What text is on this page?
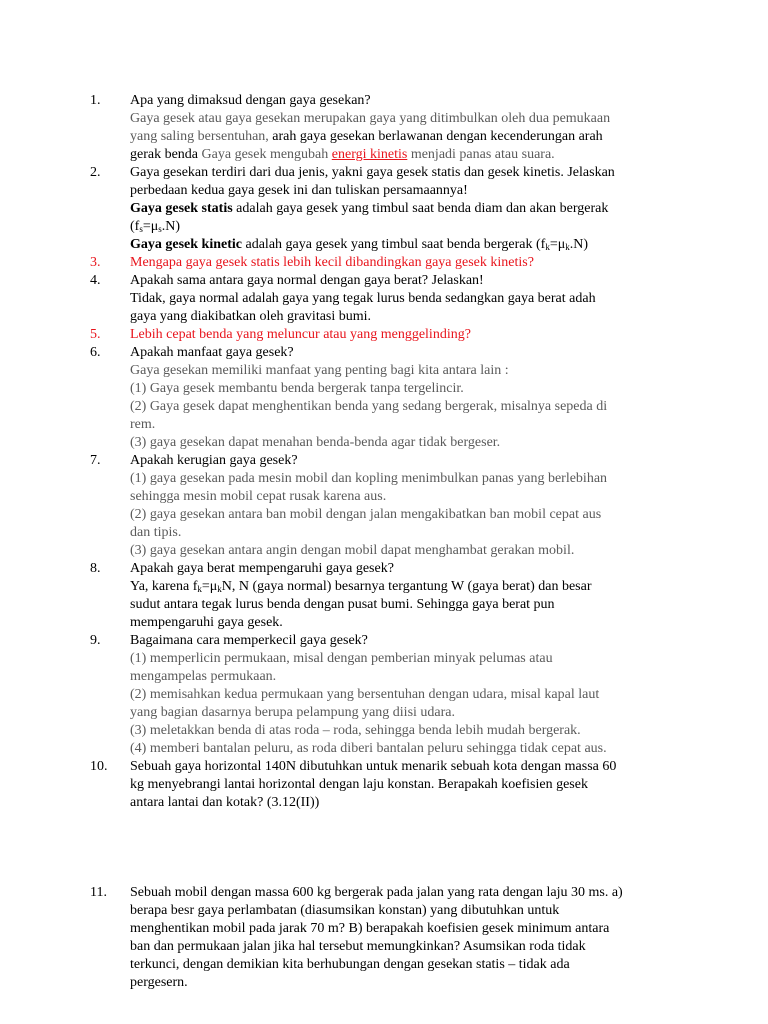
1.	Apa yang dimaksud dengan gaya gesekan?
Gaya gesek atau gaya gesekan merupakan gaya yang ditimbulkan oleh dua pemukaan
yang saling bersentuhan, arah gaya gesekan berlawanan dengan kecenderungan arah
gerak benda Gaya gesek mengubah energi kinetis menjadi panas atau suara.
2.	Gaya gesekan terdiri dari dua jenis, yakni gaya gesek statis dan gesek kinetis. Jelaskan
perbedaan kedua gaya gesek ini dan tuliskan persamaannya!
Gaya gesek statis adalah gaya gesek yang timbul saat benda diam dan akan bergerak
$(f_s=\mu_s.N)$
Gaya gesek kinetic adalah gaya gesek yang timbul saat benda bergerak $(f_k=\mu_k.N)$
3.	Mengapa gaya gesek statis lebih kecil dibandingkan gaya gesek kinetis?
4.	Apakah sama antara gaya normal dengan gaya berat? Jelaskan!
Tidak, gaya normal adalah gaya yang tegak lurus benda sedangkan gaya berat adah
gaya yang diakibatkan oleh gravitasi bumi.
5.	Lebih cepat benda yang meluncur atau yang menggelinding?
6.	Apakah manfaat gaya gesek?
Gaya gesekan memiliki manfaat yang penting bagi kita antara lain :
(1) Gaya gesek membantu benda bergerak tanpa tergelincir.
(2) Gaya gesek dapat menghentikan benda yang sedang bergerak, misalnya sepeda di
rem.
(3) gaya gesekan dapat menahan benda-benda agar tidak bergeser.
7.	Apakah kerugian gaya gesek?
(1) gaya gesekan pada mesin mobil dan kopling menimbulkan panas yang berlebihan
sehingga mesin mobil cepat rusak karena aus.
(2) gaya gesekan antara ban mobil dengan jalan mengakibatkan ban mobil cepat aus
dan tipis.
(3) gaya gesekan antara angin dengan mobil dapat menghambat gerakan mobil.
8.	Apakah gaya berat mempengaruhi gaya gesek?
Ya, karena $f_k=\mu_kN$, N (gaya normal) besarnya tergantung W (gaya berat) dan besar
sudut antara tegak lurus benda dengan pusat bumi. Sehingga gaya berat pun
mempengaruhi gaya gesek.
9.	Bagaimana cara memperkecil gaya gesek?
(1) memperlicin permukaan, misal dengan pemberian minyak pelumas atau
mengampelas permukaan.
(2) memisahkan kedua permukaan yang bersentuhan dengan udara, misal kapal laut
yang bagian dasarnya berupa pelampung yang diisi udara.
(3) meletakkan benda di atas roda – roda, sehingga benda lebih mudah bergerak.
(4) memberi bantalan peluru, as roda diberi bantalan peluru sehingga tidak cepat aus.
10.	Sebuah gaya horizontal 140N dibutuhkan untuk menarik sebuah kota dengan massa 60
kg menyebrangi lantai horizontal dengan laju konstan. Berapakah koefisien gesek
antara lantai dan kotak? (3.12(II))
11.	Sebuah mobil dengan massa 600 kg bergerak pada jalan yang rata dengan laju 30 ms. a)
berapa besr gaya perlambatan (diasumsikan konstan) yang dibutuhkan untuk
menghentikan mobil pada jarak 70 m? B) berapakah koefisien gesek minimum antara
ban dan permukaan jalan jika hal tersebut memungkinkan? Asumsikan roda tidak
terkunci, dengan demikian kita berhubungan dengan gesekan statis – tidak ada
pergesern.
